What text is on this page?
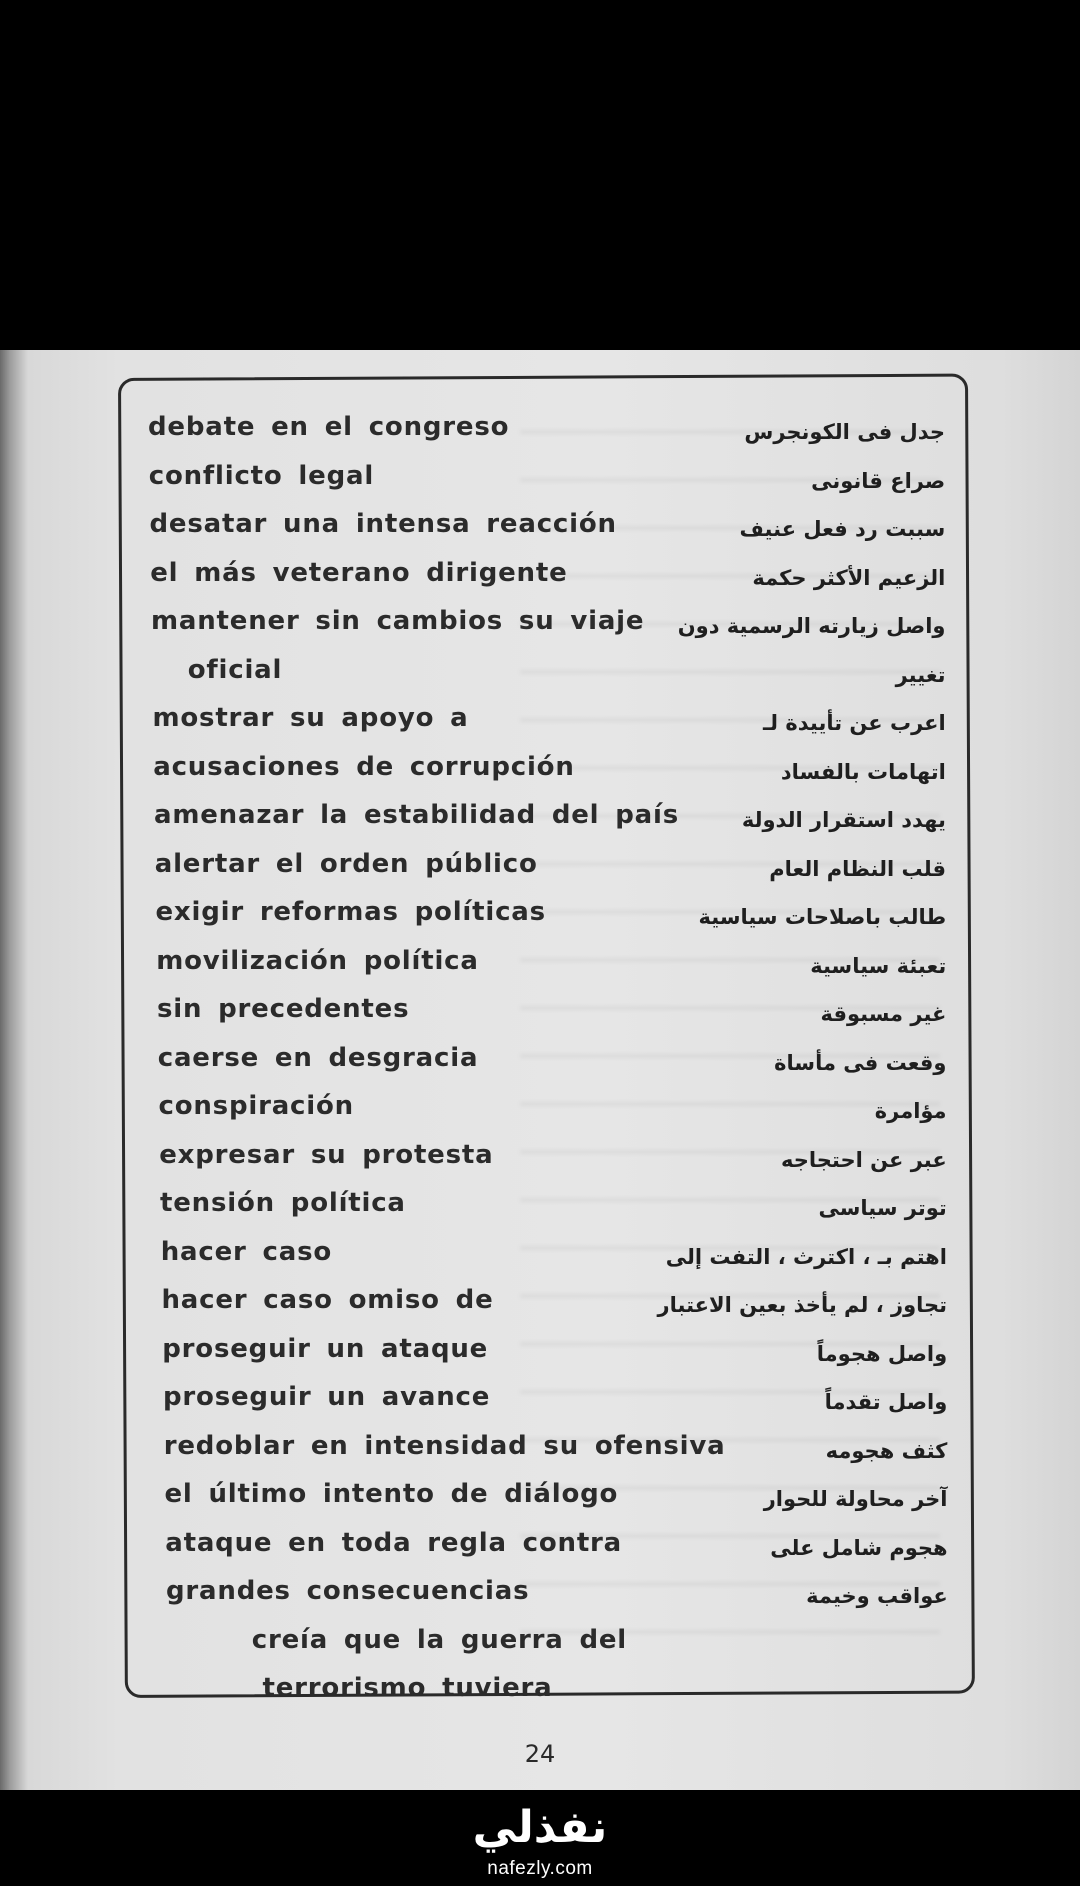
debate en el congreso	جدل فى الكونجرس
conflicto legal	صراع قانونى
desatar una intensa reacción	سببت رد فعل عنيف
el más veterano dirigente	الزعيم الأكثر حكمة
mantener sin cambios su viaje واصل زيارته الرسمية دون
oficial	تغيير
mostrar su apoyo a	اعرب عن تأييدة لـ
acusaciones de corrupción	اتهامات بالفساد
amenazar la estabilidad del país	يهدد استقرار الدولة
alertar el orden público	قلب النظام العام
exigir reformas políticas	طالب باصلاحات سياسية
movilización política	تعبئة سياسية
sin precedentes	غير مسبوقة
caerse en desgracia	وقعت فى مأساة
conspiración	مؤامرة
expresar su protesta	عبر عن احتجاجه
tensión política	توتر سياسى
hacer caso	اهتم بـ ، اكترث ، التفت إلى
hacer caso omiso de	تجاوز ، لم يأخذ بعين الاعتبار
proseguir un ataque	واصل هجوماً
proseguir un avance	واصل تقدماً
redoblar en intensidad su ofensiva	كثف هجومه
el último intento de diálogo	آخر محاولة للحوار
ataque en toda regla contra	هجوم شامل على
grandes consecuencias	عواقب وخيمة
creía que la guerra del
terrorismo tuviera
24
نفذلي
nafezly.com
